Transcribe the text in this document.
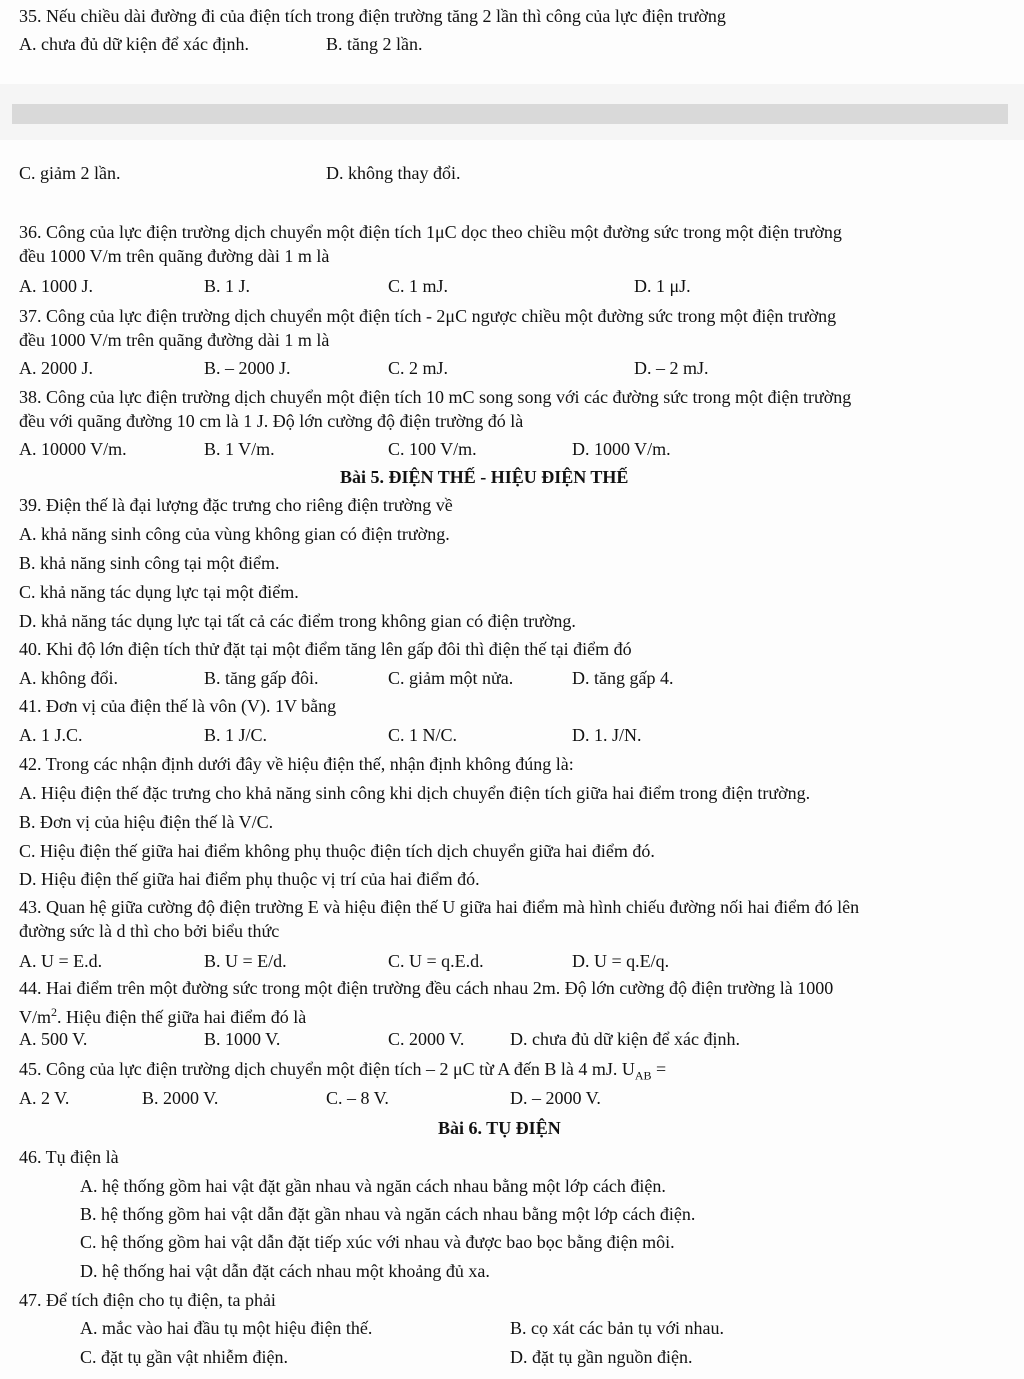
35. Nếu chiều dài đường đi của điện tích trong điện trường tăng 2 lần thì công của lực điện trường
A. chưa đủ dữ kiện để xác định.	B. tăng 2 lần.
C. giảm 2 lần.	D. không thay đổi.
36. Công của lực điện trường dịch chuyển một điện tích 1μC dọc theo chiều một đường sức trong một điện trường
đều 1000 V/m trên quãng đường dài 1 m là
A. 1000 J.	B. 1 J.	C. 1 mJ.	D. 1 μJ.
37. Công của lực điện trường dịch chuyển một điện tích - 2μC ngược chiều một đường sức trong một điện trường
đều 1000 V/m trên quãng đường dài 1 m là
A. 2000 J.	B. – 2000 J.	C. 2 mJ.	D. – 2 mJ.
38. Công của lực điện trường dịch chuyển một điện tích 10 mC song song với các đường sức trong một điện trường
đều với quãng đường 10 cm là 1 J. Độ lớn cường độ điện trường đó là
A. 10000 V/m.	B. 1 V/m.	C. 100 V/m.	D. 1000 V/m.
Bài 5. ĐIỆN THẾ - HIỆU ĐIỆN THẾ
39. Điện thế là đại lượng đặc trưng cho riêng điện trường về
A. khả năng sinh công của vùng không gian có điện trường.
B. khả năng sinh công tại một điểm.
C. khả năng tác dụng lực tại một điểm.
D. khả năng tác dụng lực tại tất cả các điểm trong không gian có điện trường.
40. Khi độ lớn điện tích thử đặt tại một điểm tăng lên gấp đôi thì điện thế tại điểm đó
A. không đổi.	B. tăng gấp đôi.	C. giảm một nửa.	D. tăng gấp 4.
41. Đơn vị của điện thế là vôn (V). 1V bằng
A. 1 J.C.	B. 1 J/C.	C. 1 N/C.	D. 1. J/N.
42. Trong các nhận định dưới đây về hiệu điện thế, nhận định không đúng là:
A. Hiệu điện thế đặc trưng cho khả năng sinh công khi dịch chuyển điện tích giữa hai điểm trong điện trường.
B. Đơn vị của hiệu điện thế là V/C.
C. Hiệu điện thế giữa hai điểm không phụ thuộc điện tích dịch chuyển giữa hai điểm đó.
D. Hiệu điện thế giữa hai điểm phụ thuộc vị trí của hai điểm đó.
43. Quan hệ giữa cường độ điện trường E và hiệu điện thế U giữa hai điểm mà hình chiếu đường nối hai điểm đó lên
đường sức là d thì cho bởi biểu thức
A. U = E.d.	B. U = E/d.	C. U = q.E.d.	D. U = q.E/q.
44. Hai điểm trên một đường sức trong một điện trường đều cách nhau 2m. Độ lớn cường độ điện trường là 1000
$V/m^2$. Hiệu điện thế giữa hai điểm đó là
A. 500 V.	B. 1000 V.	C. 2000 V.	D. chưa đủ dữ kiện để xác định.
45. Công của lực điện trường dịch chuyển một điện tích – 2 μC từ A đến B là 4 mJ. $U_{AB}$ =
A. 2 V.	B. 2000 V.	C. – 8 V.	D. – 2000 V.
Bài 6. TỤ ĐIỆN
46. Tụ điện là
A. hệ thống gồm hai vật đặt gần nhau và ngăn cách nhau bằng một lớp cách điện.
B. hệ thống gồm hai vật dẫn đặt gần nhau và ngăn cách nhau bằng một lớp cách điện.
C. hệ thống gồm hai vật dẫn đặt tiếp xúc với nhau và được bao bọc bằng điện môi.
D. hệ thống hai vật dẫn đặt cách nhau một khoảng đủ xa.
47. Để tích điện cho tụ điện, ta phải
A. mắc vào hai đầu tụ một hiệu điện thế.	B. cọ xát các bản tụ với nhau.
C. đặt tụ gần vật nhiễm điện.	D. đặt tụ gần nguồn điện.
